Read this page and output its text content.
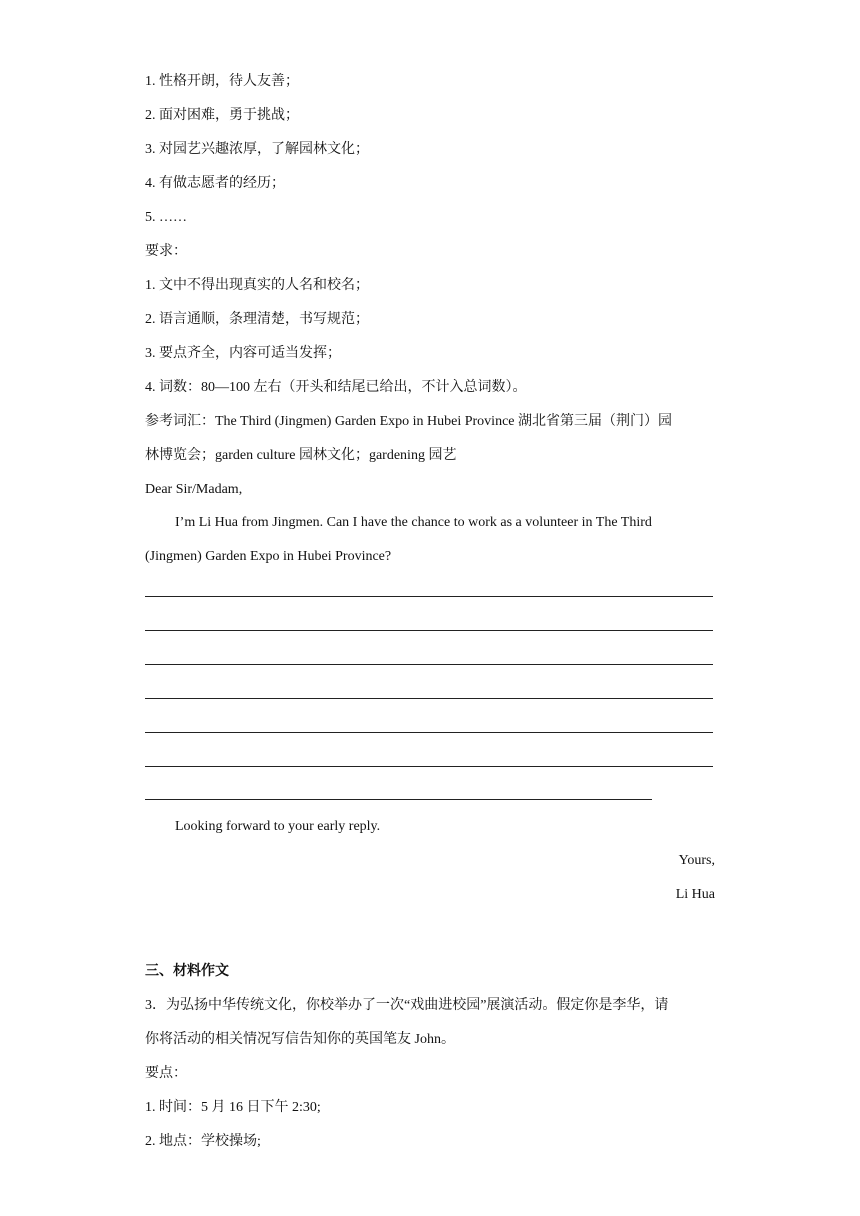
1. 性格开朗，待人友善；
2. 面对困难，勇于挑战；
3. 对园艺兴趣浓厚，了解园林文化；
4. 有做志愿者的经历；
5. ……
要求：
1. 文中不得出现真实的人名和校名；
2. 语言通顺，条理清楚，书写规范；
3. 要点齐全，内容可适当发挥；
4. 词数：80—100 左右（开头和结尾已给出，不计入总词数）。
参考词汇：The Third (Jingmen) Garden Expo in Hubei Province 湖北省第三届（荆门）园
林博览会；garden culture 园林文化；gardening 园艺
Dear Sir/Madam,
I’m Li Hua from Jingmen. Can I have the chance to work as a volunteer in The Third
(Jingmen) Garden Expo in Hubei Province?
Looking forward to your early reply.
Yours,
Li Hua
三、材料作文
3．为弘扬中华传统文化，你校举办了一次“戏曲进校园”展演活动。假定你是李华，请
你将活动的相关情况写信告知你的英国笔友 John。
要点：
1. 时间：5 月 16 日下午 2:30;
2. 地点：学校操场;
